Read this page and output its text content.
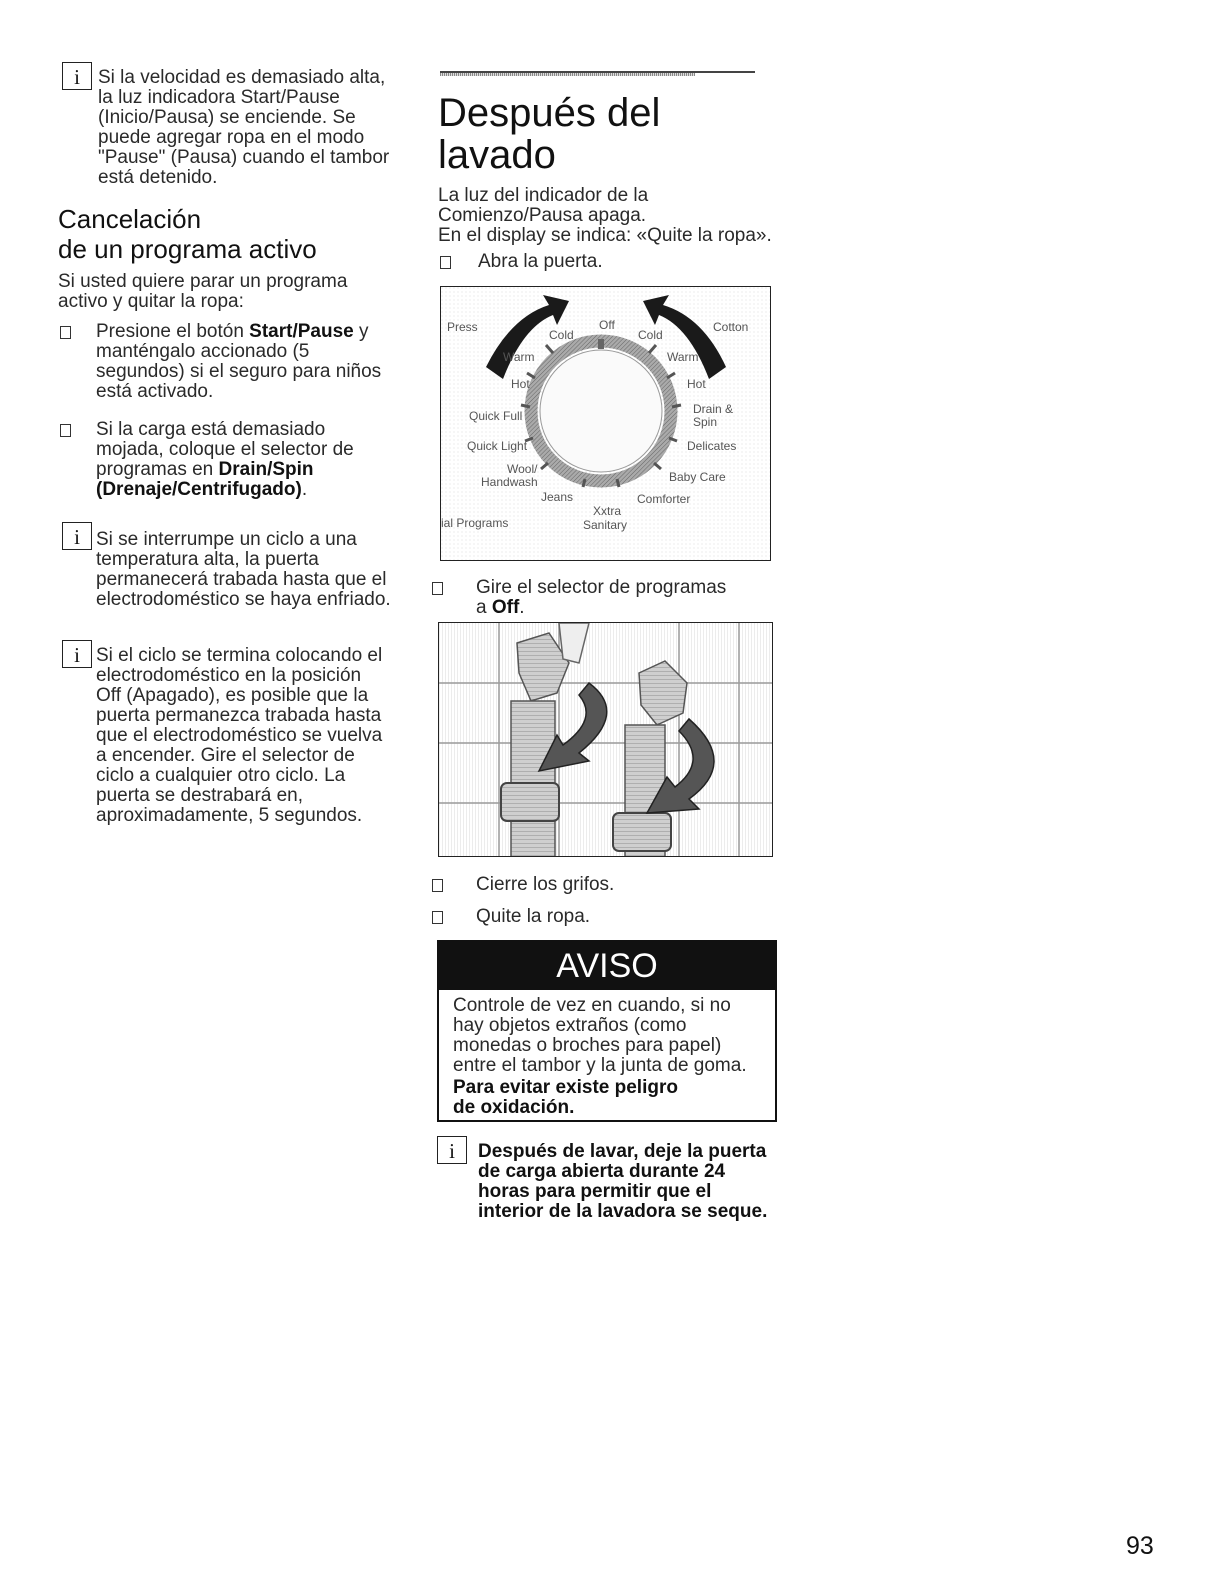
i Si la velocidad es demasiado alta, la luz indicadora Start/Pause (Inicio/Pausa) se enciende. Se puede agregar ropa en el modo "Pause" (Pausa) cuando el tambor está detenido.
Cancelación
de un programa activo
Si usted quiere parar un programa activo y quitar la ropa:
Presione el botón Start/Pause y manténgalo accionado (5 segundos) si el seguro para niños está activado.
Si la carga está demasiado mojada, coloque el selector de programas en Drain/Spin (Drenaje/Centrifugado).
i Si se interrumpe un ciclo a una temperatura alta, la puerta permanecerá trabada hasta que el electrodoméstico se haya enfriado.
i Si el ciclo se termina colocando el electrodoméstico en la posición Off (Apagado), es posible que la puerta permanezca trabada hasta que el electrodoméstico se vuelva a encender. Gire el selector de ciclo a cualquier otro ciclo. La puerta se destrabará en, aproximadamente, 5 segundos.
Después del
lavado
La luz del indicador de la
Comienzo/Pausa apaga.
En el display se indica: «Quite la ropa».
Abra la puerta.
Press
Cold
Off
Cold
Cotton
Warm	Warm
Hot	Hot
Quick Full	Drain &
Spin
Quick Light	Delicates
Wool/
Handwash	Baby Care
Jeans	Comforter
Xxtra
Sanitary
ial Programs
Gire el selector de programas
a Off.
Cierre los grifos.
Quite la ropa.
AVISO
Controle de vez en cuando, si no hay objetos extraños (como monedas o broches para papel) entre el tambor y la junta de goma.
Para evitar existe peligro de oxidación.
i	Después de lavar, deje la puerta de carga abierta durante 24 horas para permitir que el interior de la lavadora se seque.
93
